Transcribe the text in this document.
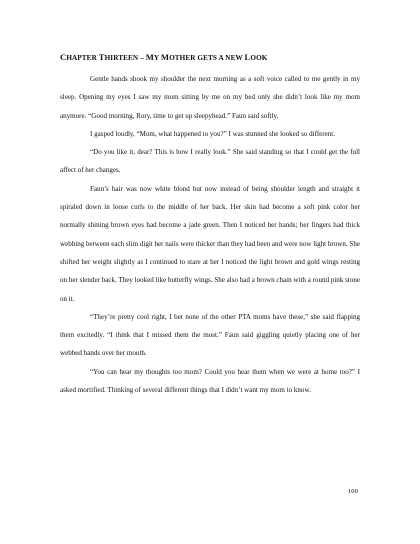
CHAPTER THIRTEEN – MY MOTHER GETS A NEW LOOK

Gentle hands shook my shoulder the next morning as a soft voice called to me gently in my sleep. Opening my eyes I saw my mom sitting by me on my bed only she didn’t look like my mom anymore. “Good morning, Rory, time to get up sleepyhead.” Faun said softly.

I gasped loudly, “Mom, what happened to you?” I was stunned she looked so different.

“Do you like it, dear? This is how I really look.” She said standing so that I could get the full affect of her changes.

Faun’s hair was now white blond but now instead of being shoulder length and straight it spiraled down in loose curls to the middle of her back. Her skin had become a soft pink color her normally shining brown eyes had become a jade green. Then I noticed her hands; her fingers had thick webbing between each slim digit her nails were thicker than they had been and were now light brown. She shifted her weight slightly as I continued to stare at her I noticed the light brown and gold wings resting on her slender back. They looked like butterfly wings. She also had a brown chain with a round pink stone on it.

“They’re pretty cool right, I bet none of the other PTA moms have these,” she said flapping them excitedly. “I think that I missed them the most.” Faun said giggling quietly placing one of her webbed hands over her mouth.

“You can hear my thoughts too mom? Could you hear them when we were at home too?” I asked mortified. Thinking of several different things that I didn’t want my mom to know.

100
